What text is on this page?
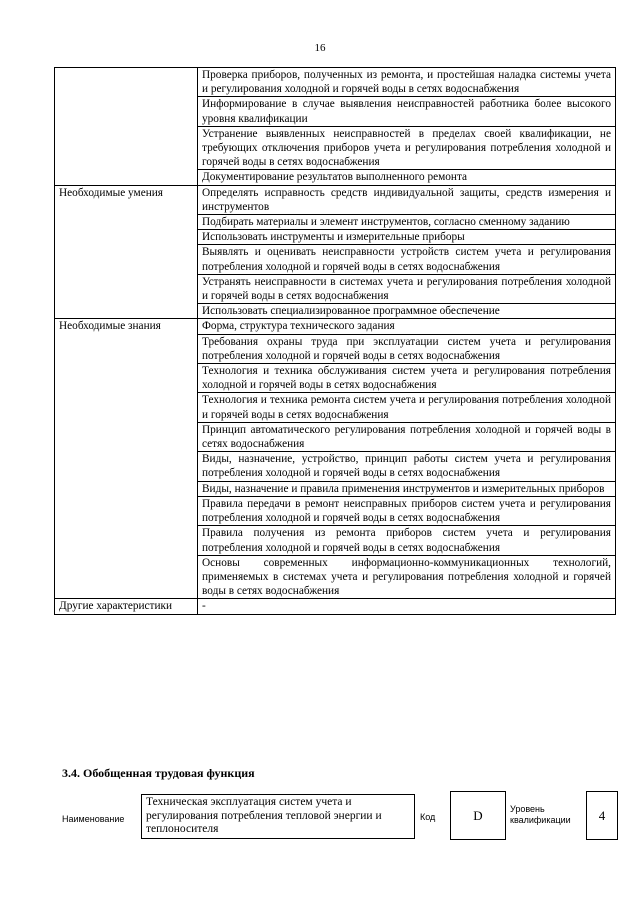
16
	Проверка приборов, полученных из ремонта, и простейшая наладка системы учета и регулирования холодной и горячей воды в сетях водоснабжения
	Информирование в случае выявления неисправностей работника более высокого уровня квалификации
	Устранение выявленных неисправностей в пределах своей квалификации, не требующих отключения приборов учета и регулирования потребления холодной и горячей воды в сетях водоснабжения
	Документирование результатов выполненного ремонта
Необходимые умения	Определять исправность средств индивидуальной защиты, средств измерения и инструментов
	Подбирать материалы и элемент инструментов, согласно сменному заданию
	Использовать инструменты и измерительные приборы
	Выявлять и оценивать неисправности устройств систем учета и регулирования потребления холодной и горячей воды в сетях водоснабжения
	Устранять неисправности в системах учета и регулирования потребления холодной и горячей воды в сетях водоснабжения
	Использовать специализированное программное обеспечение
Необходимые знания	Форма, структура технического задания
	Требования охраны труда при эксплуатации систем учета и регулирования потребления холодной и горячей воды в сетях водоснабжения
	Технология и техника обслуживания систем учета и регулирования потребления холодной и горячей воды в сетях водоснабжения
	Технология и техника ремонта систем учета и регулирования потребления холодной и горячей воды в сетях водоснабжения
	Принцип автоматического регулирования потребления холодной и горячей воды в сетях водоснабжения
	Виды, назначение, устройство, принцип работы систем учета и регулирования потребления холодной и горячей воды в сетях водоснабжения
	Виды, назначение и правила применения инструментов и измерительных приборов
	Правила передачи в ремонт неисправных приборов систем учета и регулирования потребления холодной и горячей воды в сетях водоснабжения
	Правила получения из ремонта приборов систем учета и регулирования потребления холодной и горячей воды в сетях водоснабжения
	Основы современных информационно-коммуникационных технологий, применяемых в системах учета и регулирования потребления холодной и горячей воды в сетях водоснабжения
Другие характеристики	-
3.4. Обобщенная трудовая функция
Наименование
Техническая эксплуатация систем учета и регулирования потребления тепловой энергии и теплоносителя
Код	D	Уровень квалификации	4
